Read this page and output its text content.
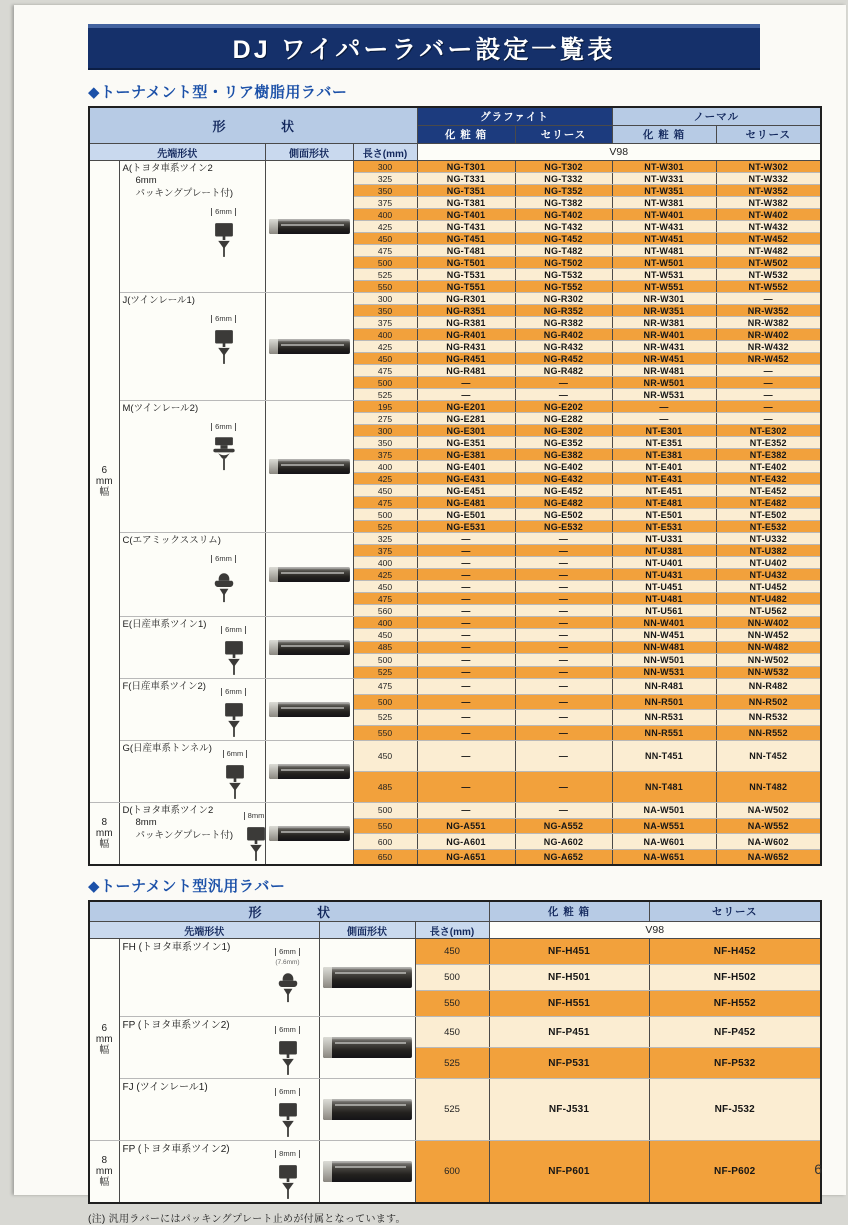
DJ ワイパーラバー設定一覧表
◆トーナメント型・リア樹脂用ラバー
形 状				グラファイト		ノーマル	
				化 粧 箱	セリース	化 粧 箱	セリース
先端形状		側面形状	長さ(mm)	V98			

6
mm
幅

A(トヨタ車系ツイン2
6mm
パッキングプレート付)
6mm

	300	NG-T301	NG-T302	NT-W301	NT-W302
			325	NG-T331	NG-T332	NT-W331	NT-W332
			350	NG-T351	NG-T352	NT-W351	NT-W352
			375	NG-T381	NG-T382	NT-W381	NT-W382
			400	NG-T401	NG-T402	NT-W401	NT-W402
			425	NG-T431	NG-T432	NT-W431	NT-W432
			450	NG-T451	NG-T452	NT-W451	NT-W452
			475	NG-T481	NG-T482	NT-W481	NT-W482
			500	NG-T501	NG-T502	NT-W501	NT-W502
			525	NG-T531	NG-T532	NT-W531	NT-W532
			550	NG-T551	NG-T552	NT-W551	NT-W552

	J(ツインレール1)
6mm		300	NG-R301	NG-R302	NR-W301	—
			350	NG-R351	NG-R352	NR-W351	NR-W352
			375	NG-R381	NG-R382	NR-W381	NR-W382
			400	NG-R401	NG-R402	NR-W401	NR-W402
			425	NG-R431	NG-R432	NR-W431	NR-W432
			450	NG-R451	NG-R452	NR-W451	NR-W452
			475	NG-R481	NG-R482	NR-W481	—
			500	—	—	NR-W501	—
			525	—	—	NR-W531	—

	M(ツインレール2)
6mm		195	NG-E201	NG-E202	—	—
			275	NG-E281	NG-E282	—	—
			300	NG-E301	NG-E302	NT-E301	NT-E302
			350	NG-E351	NG-E352	NT-E351	NT-E352
			375	NG-E381	NG-E382	NT-E381	NT-E382
			400	NG-E401	NG-E402	NT-E401	NT-E402
			425	NG-E431	NG-E432	NT-E431	NT-E432
			450	NG-E451	NG-E452	NT-E451	NT-E452
			475	NG-E481	NG-E482	NT-E481	NT-E482
			500	NG-E501	NG-E502	NT-E501	NT-E502
			525	NG-E531	NG-E532	NT-E531	NT-E532

	C(エアミックススリム)
6mm		325	—	—	NT-U331	NT-U332
			375	—	—	NT-U381	NT-U382
			400	—	—	NT-U401	NT-U402
			425	—	—	NT-U431	NT-U432
			450	—	—	NT-U451	NT-U452
			475	—	—	NT-U481	NT-U482
			560	—	—	NT-U561	NT-U562

	E(日産車系ツイン1) 6mm		400	—	—	NN-W401	NN-W402
			450	—	—	NN-W451	NN-W452
			485	—	—	NN-W481	NN-W482
			500	—	—	NN-W501	NN-W502
			525	—	—	NN-W531	NN-W532

	F(日産車系ツイン2) 6mm		475	—	—	NN-R481	NN-R482
			500	—	—	NN-R501	NN-R502
			525	—	—	NN-R531	NN-R532
			550	—	—	NN-R551	NN-R552

	G(日産車系トンネル) 6mm		450	—	—	NN-T451	NN-T452
			485	—	—	NN-T481	NN-T482

8
mm
幅

D(トヨタ車系ツイン2
8mm
パッキングプレート付)
8mm

	500	—	—	NA-W501	NA-W502
			550	NG-A551	NG-A552	NA-W551	NA-W552
			600	NG-A601	NG-A602	NA-W601	NA-W602
			650	NG-A651	NG-A652	NA-W651	NA-W652
◆トーナメント型汎用ラバー
形 状				化 粧 箱	セリース
先端形状		側面形状	長さ(mm)	V98	

6
mm
幅

FH (トヨタ車系ツイン1)	6mm
(7.6mm)

	450	NF-H451	NF-H452
			500	NF-H501	NF-H502
			550	NF-H551	NF-H552

	FP (トヨタ車系ツイン2) 6mm		450	NF-P451	NF-P452
			525	NF-P531	NF-P532

	FJ (ツインレール1) 6mm		525	NF-J531	NF-J532

8
mm
幅

FP (トヨタ車系ツイン2)	8mm

	600	NF-P601	NF-P602
(注) 汎用ラバーにはパッキングプレート止めが付属となっています。
6
